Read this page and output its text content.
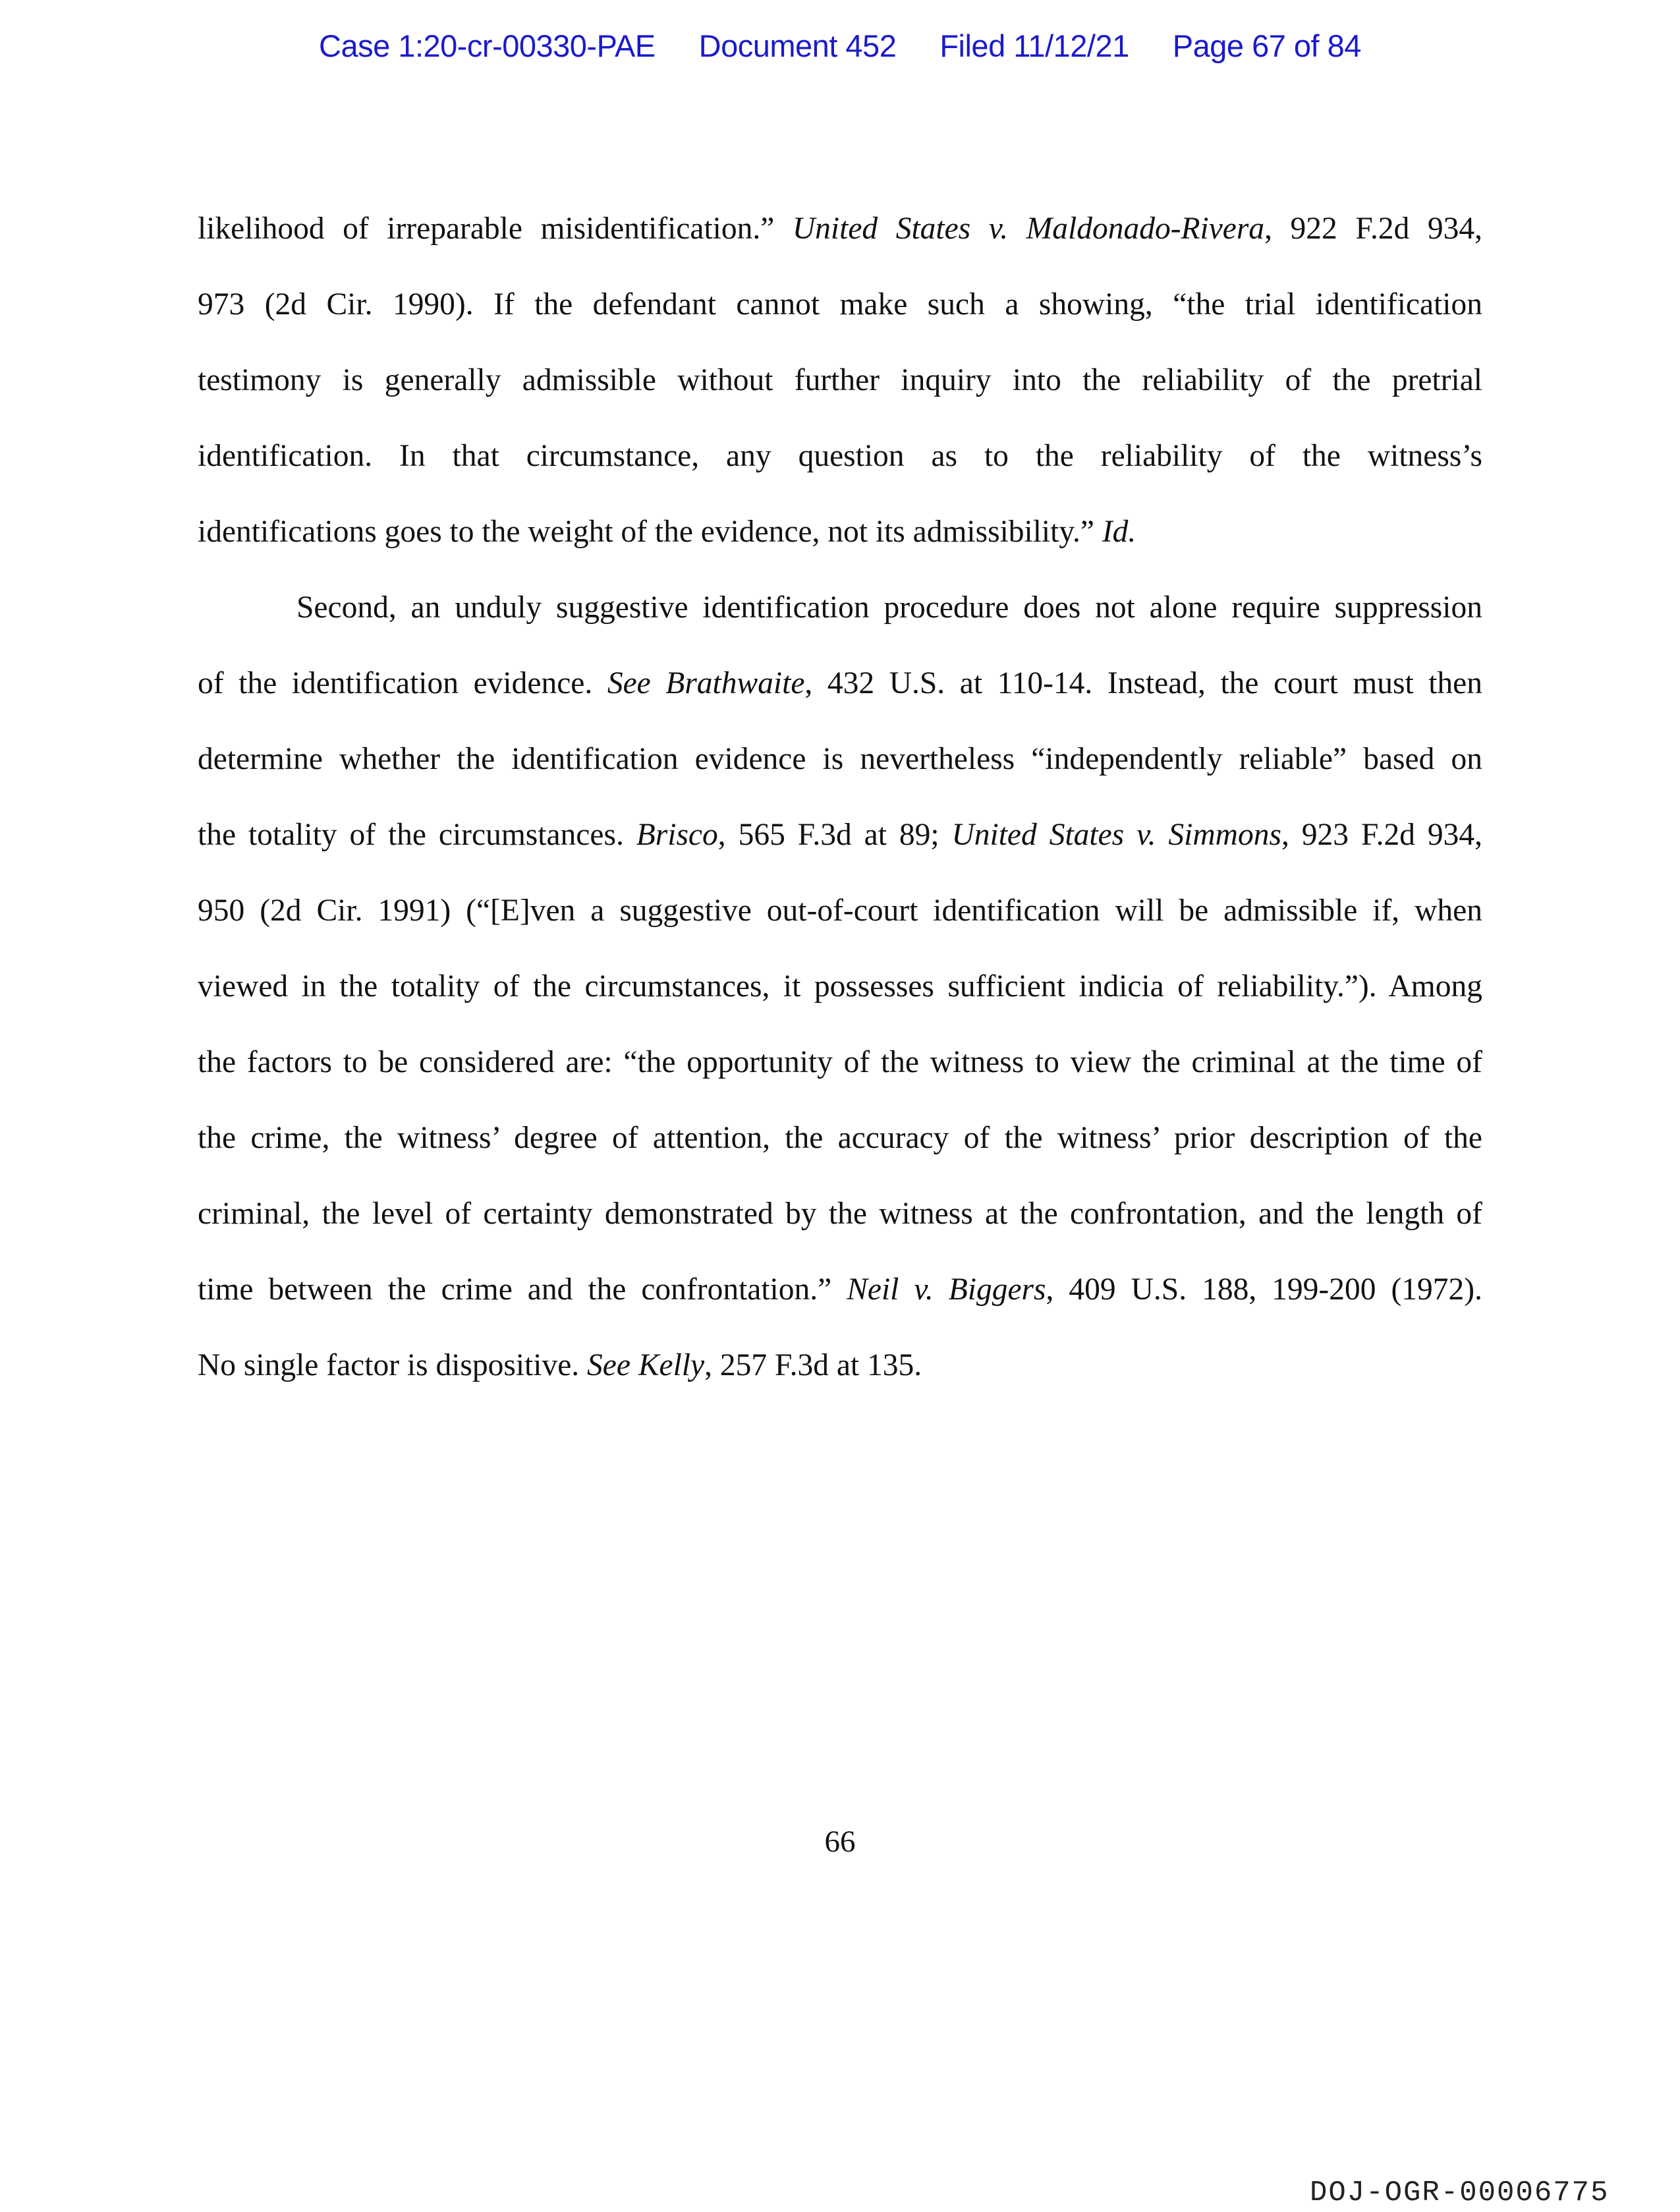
Case 1:20-cr-00330-PAE Document 452 Filed 11/12/21 Page 67 of 84
likelihood of irreparable misidentification.” United States v. Maldonado-Rivera, 922 F.2d 934,
973 (2d Cir. 1990). If the defendant cannot make such a showing, “the trial identification
testimony is generally admissible without further inquiry into the reliability of the pretrial
identification. In that circumstance, any question as to the reliability of the witness’s
identifications goes to the weight of the evidence, not its admissibility.” Id.
Second, an unduly suggestive identification procedure does not alone require suppression
of the identification evidence. See Brathwaite, 432 U.S. at 110-14. Instead, the court must then
determine whether the identification evidence is nevertheless “independently reliable” based on
the totality of the circumstances. Brisco, 565 F.3d at 89; United States v. Simmons, 923 F.2d 934,
950 (2d Cir. 1991) (“[E]ven a suggestive out-of-court identification will be admissible if, when
viewed in the totality of the circumstances, it possesses sufficient indicia of reliability.”). Among
the factors to be considered are: “the opportunity of the witness to view the criminal at the time of
the crime, the witness’ degree of attention, the accuracy of the witness’ prior description of the
criminal, the level of certainty demonstrated by the witness at the confrontation, and the length of
time between the crime and the confrontation.” Neil v. Biggers, 409 U.S. 188, 199-200 (1972).
No single factor is dispositive. See Kelly, 257 F.3d at 135.
66
DOJ-OGR-00006775
